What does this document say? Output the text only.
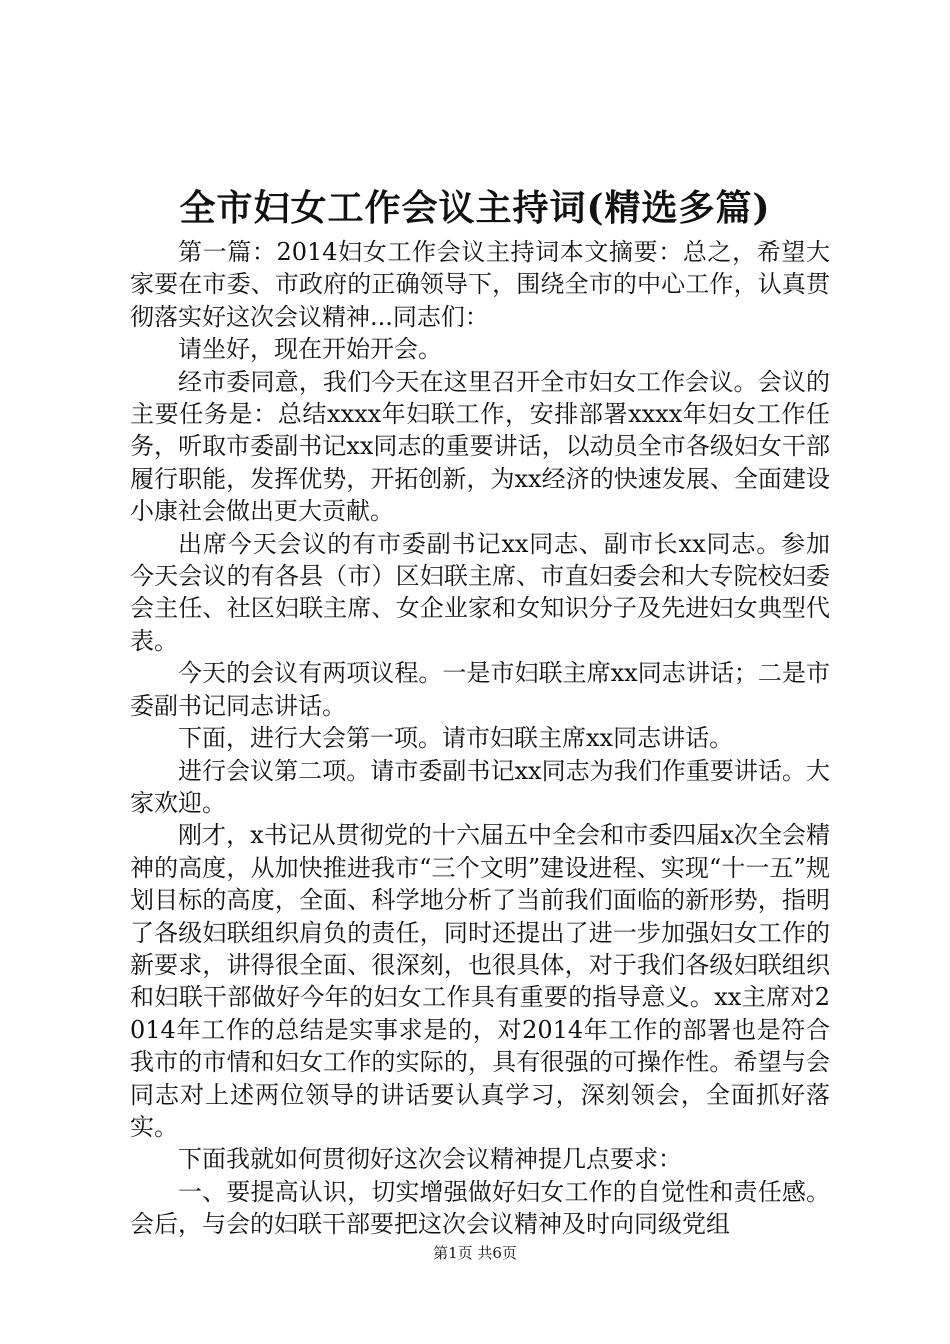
全市妇女工作会议主持词(精选多篇)

第一篇：2014妇女工作会议主持词本文摘要：总之，希望大家要在市委、市政府的正确领导下，围绕全市的中心工作，认真贯彻落实好这次会议精神...同志们：

请坐好，现在开始开会。

经市委同意，我们今天在这里召开全市妇女工作会议。会议的主要任务是：总结xxxx年妇联工作，安排部署xxxx年妇女工作任务，听取市委副书记xx同志的重要讲话，以动员全市各级妇女干部履行职能，发挥优势，开拓创新，为xx经济的快速发展、全面建设小康社会做出更大贡献。

出席今天会议的有市委副书记xx同志、副市长xx同志。参加今天会议的有各县（市）区妇联主席、市直妇委会和大专院校妇委会主任、社区妇联主席、女企业家和女知识分子及先进妇女典型代表。

今天的会议有两项议程。一是市妇联主席xx同志讲话；二是市委副书记同志讲话。

下面，进行大会第一项。请市妇联主席xx同志讲话。

进行会议第二项。请市委副书记xx同志为我们作重要讲话。大家欢迎。

刚才，x书记从贯彻党的十六届五中全会和市委四届x次全会精神的高度，从加快推进我市“三个文明”建设进程、实现“十一五”规划目标的高度，全面、科学地分析了当前我们面临的新形势，指明了各级妇联组织肩负的责任，同时还提出了进一步加强妇女工作的新要求，讲得很全面、很深刻，也很具体，对于我们各级妇联组织和妇联干部做好今年的妇女工作具有重要的指导意义。xx主席对2014年工作的总结是实事求是的，对2014年工作的部署也是符合我市的市情和妇女工作的实际的，具有很强的可操作性。希望与会同志对上述两位领导的讲话要认真学习，深刻领会，全面抓好落实。

下面我就如何贯彻好这次会议精神提几点要求：

一、要提高认识，切实增强做好妇女工作的自觉性和责任感。会后，与会的妇联干部要把这次会议精神及时向同级党组

第1页 共6页
